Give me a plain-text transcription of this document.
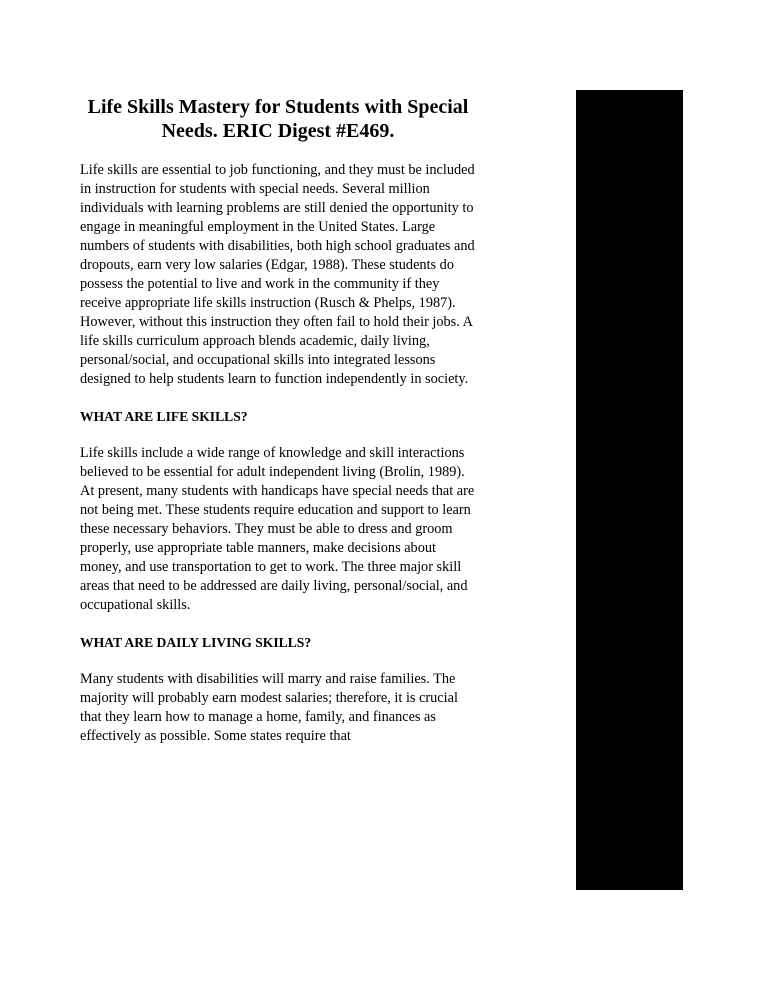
Life Skills Mastery for Students with Special Needs. ERIC Digest #E469.

Life skills are essential to job functioning, and they must be included in instruction for students with special needs. Several million individuals with learning problems are still denied the opportunity to engage in meaningful employment in the United States. Large numbers of students with disabilities, both high school graduates and dropouts, earn very low salaries (Edgar, 1988). These students do possess the potential to live and work in the community if they receive appropriate life skills instruction (Rusch & Phelps, 1987). However, without this instruction they often fail to hold their jobs. A life skills curriculum approach blends academic, daily living, personal/social, and occupational skills into integrated lessons designed to help students learn to function independently in society.

WHAT ARE LIFE SKILLS?

Life skills include a wide range of knowledge and skill interactions believed to be essential for adult independent living (Brolin, 1989). At present, many students with handicaps have special needs that are not being met. These students require education and support to learn these necessary behaviors. They must be able to dress and groom properly, use appropriate table manners, make decisions about money, and use transportation to get to work. The three major skill areas that need to be addressed are daily living, personal/social, and occupational skills.

WHAT ARE DAILY LIVING SKILLS?

Many students with disabilities will marry and raise families. The majority will probably earn modest salaries; therefore, it is crucial that they learn how to manage a home, family, and finances as effectively as possible. Some states require that
